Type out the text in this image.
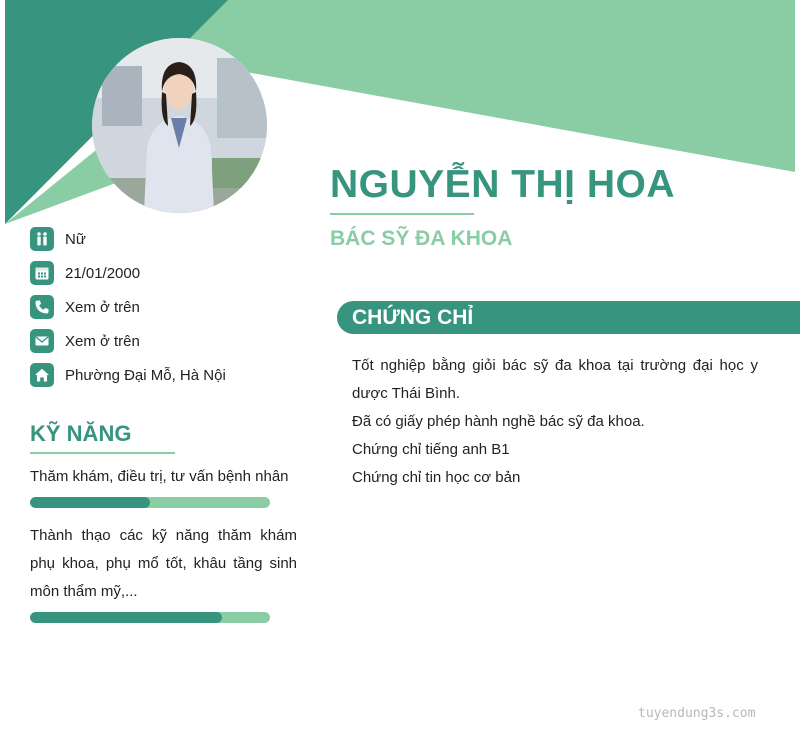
NGUYỄN THỊ HOA
BÁC SỸ ĐA KHOA
Nữ
21/01/2000
Xem ở trên
Xem ở trên
Phường Đại Mỗ, Hà Nội
KỸ NĂNG
Thăm khám, điều trị, tư vấn bệnh nhân
Thành thạo các kỹ năng thăm khám phụ khoa, phụ mổ tốt, khâu tầng sinh môn thẩm mỹ,...
CHỨNG CHỈ
Tốt nghiệp bằng giỏi bác sỹ đa khoa tại trường đại học y dược Thái Bình.
Đã có giấy phép hành nghề bác sỹ đa khoa.
Chứng chỉ tiếng anh B1
Chứng chỉ tin học cơ bản
tuyendung3s.com
